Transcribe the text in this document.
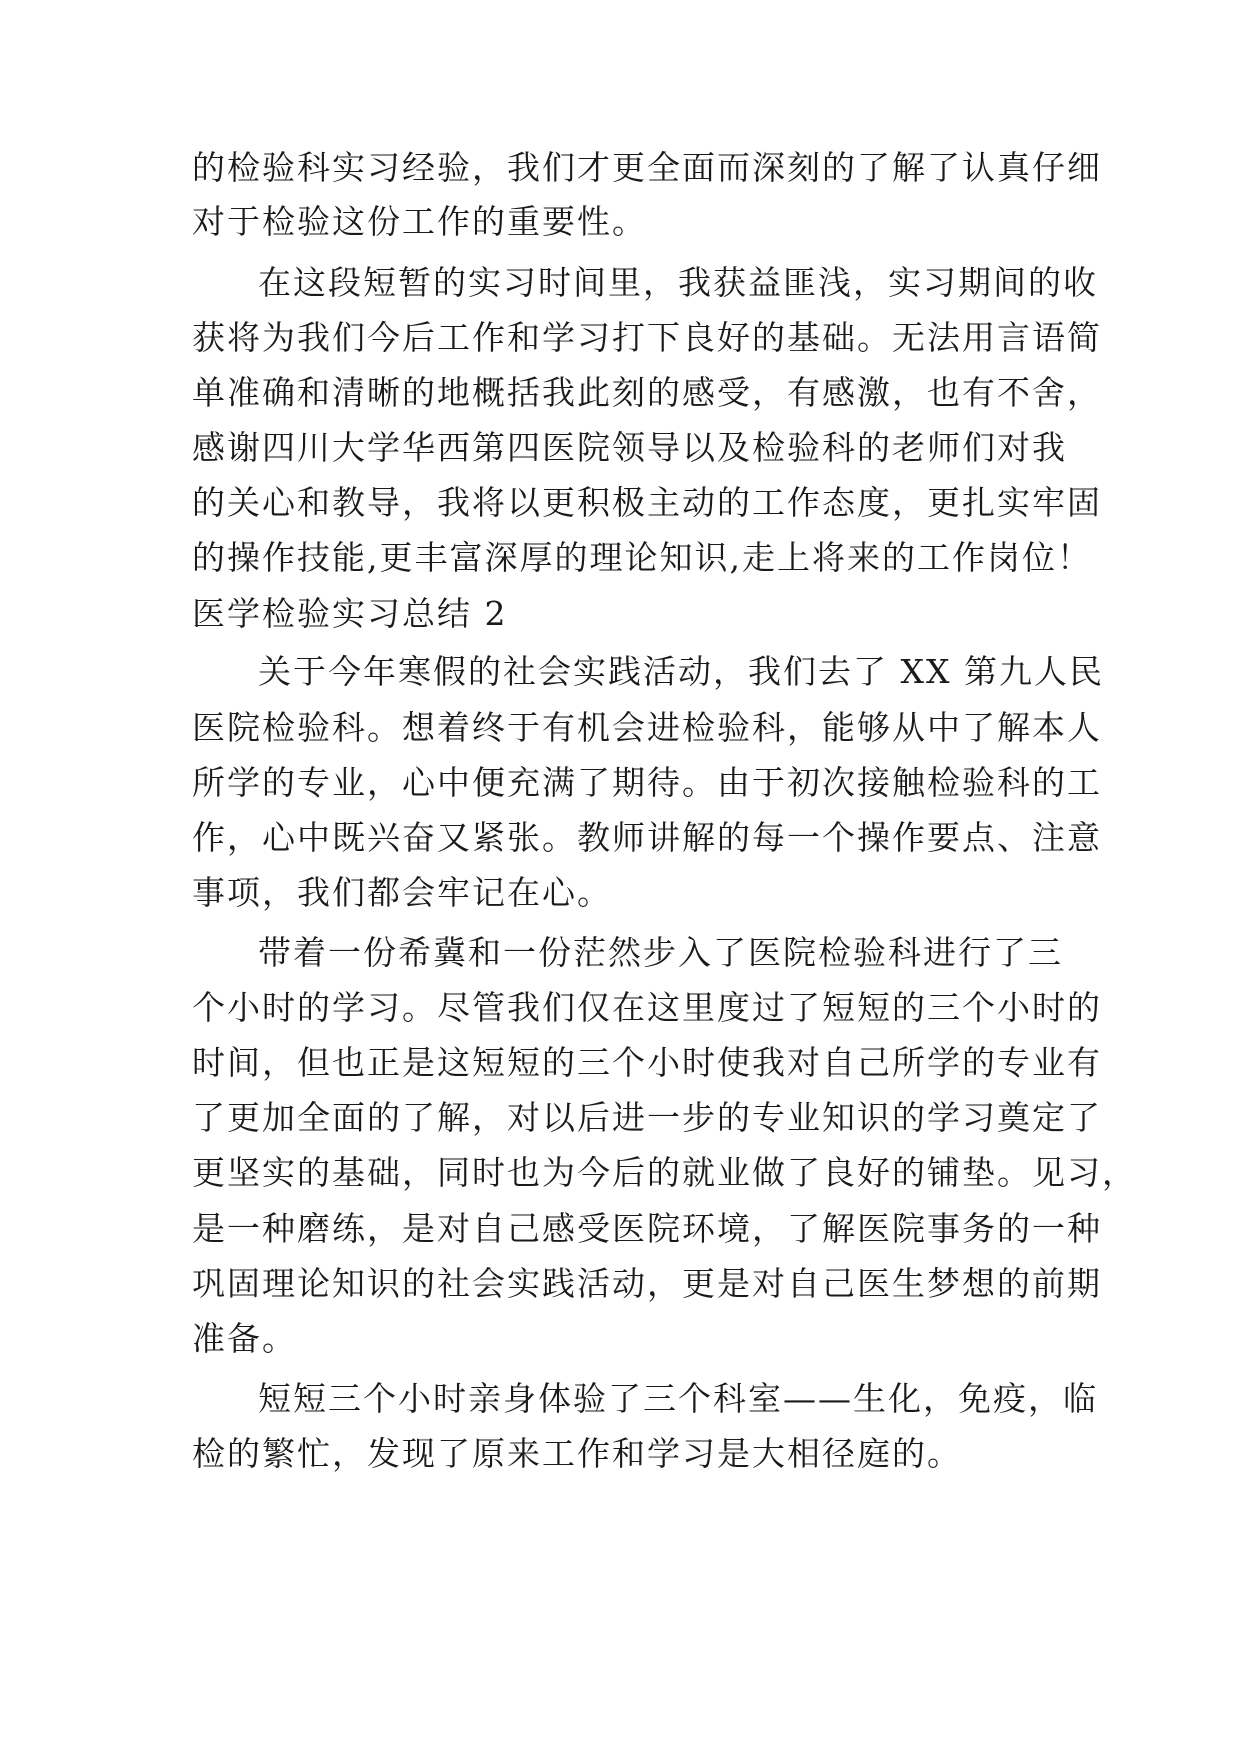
的检验科实习经验，我们才更全面而深刻的了解了认真仔细
对于检验这份工作的重要性。
在这段短暂的实习时间里，我获益匪浅，实习期间的收
获将为我们今后工作和学习打下良好的基础。无法用言语简
单准确和清晰的地概括我此刻的感受，有感激，也有不舍，
感谢四川大学华西第四医院领导以及检验科的老师们对我
的关心和教导，我将以更积极主动的工作态度，更扎实牢固
的操作技能,更丰富深厚的理论知识,走上将来的工作岗位！
医学检验实习总结 2
关于今年寒假的社会实践活动，我们去了 XX 第九人民
医院检验科。想着终于有机会进检验科，能够从中了解本人
所学的专业，心中便充满了期待。由于初次接触检验科的工
作，心中既兴奋又紧张。教师讲解的每一个操作要点、注意
事项，我们都会牢记在心。
带着一份希冀和一份茫然步入了医院检验科进行了三
个小时的学习。尽管我们仅在这里度过了短短的三个小时的
时间，但也正是这短短的三个小时使我对自己所学的专业有
了更加全面的了解，对以后进一步的专业知识的学习奠定了
更坚实的基础，同时也为今后的就业做了良好的铺垫。见习，
是一种磨练，是对自己感受医院环境，了解医院事务的一种
巩固理论知识的社会实践活动，更是对自己医生梦想的前期
准备。
短短三个小时亲身体验了三个科室——生化，免疫，临
检的繁忙，发现了原来工作和学习是大相径庭的。
